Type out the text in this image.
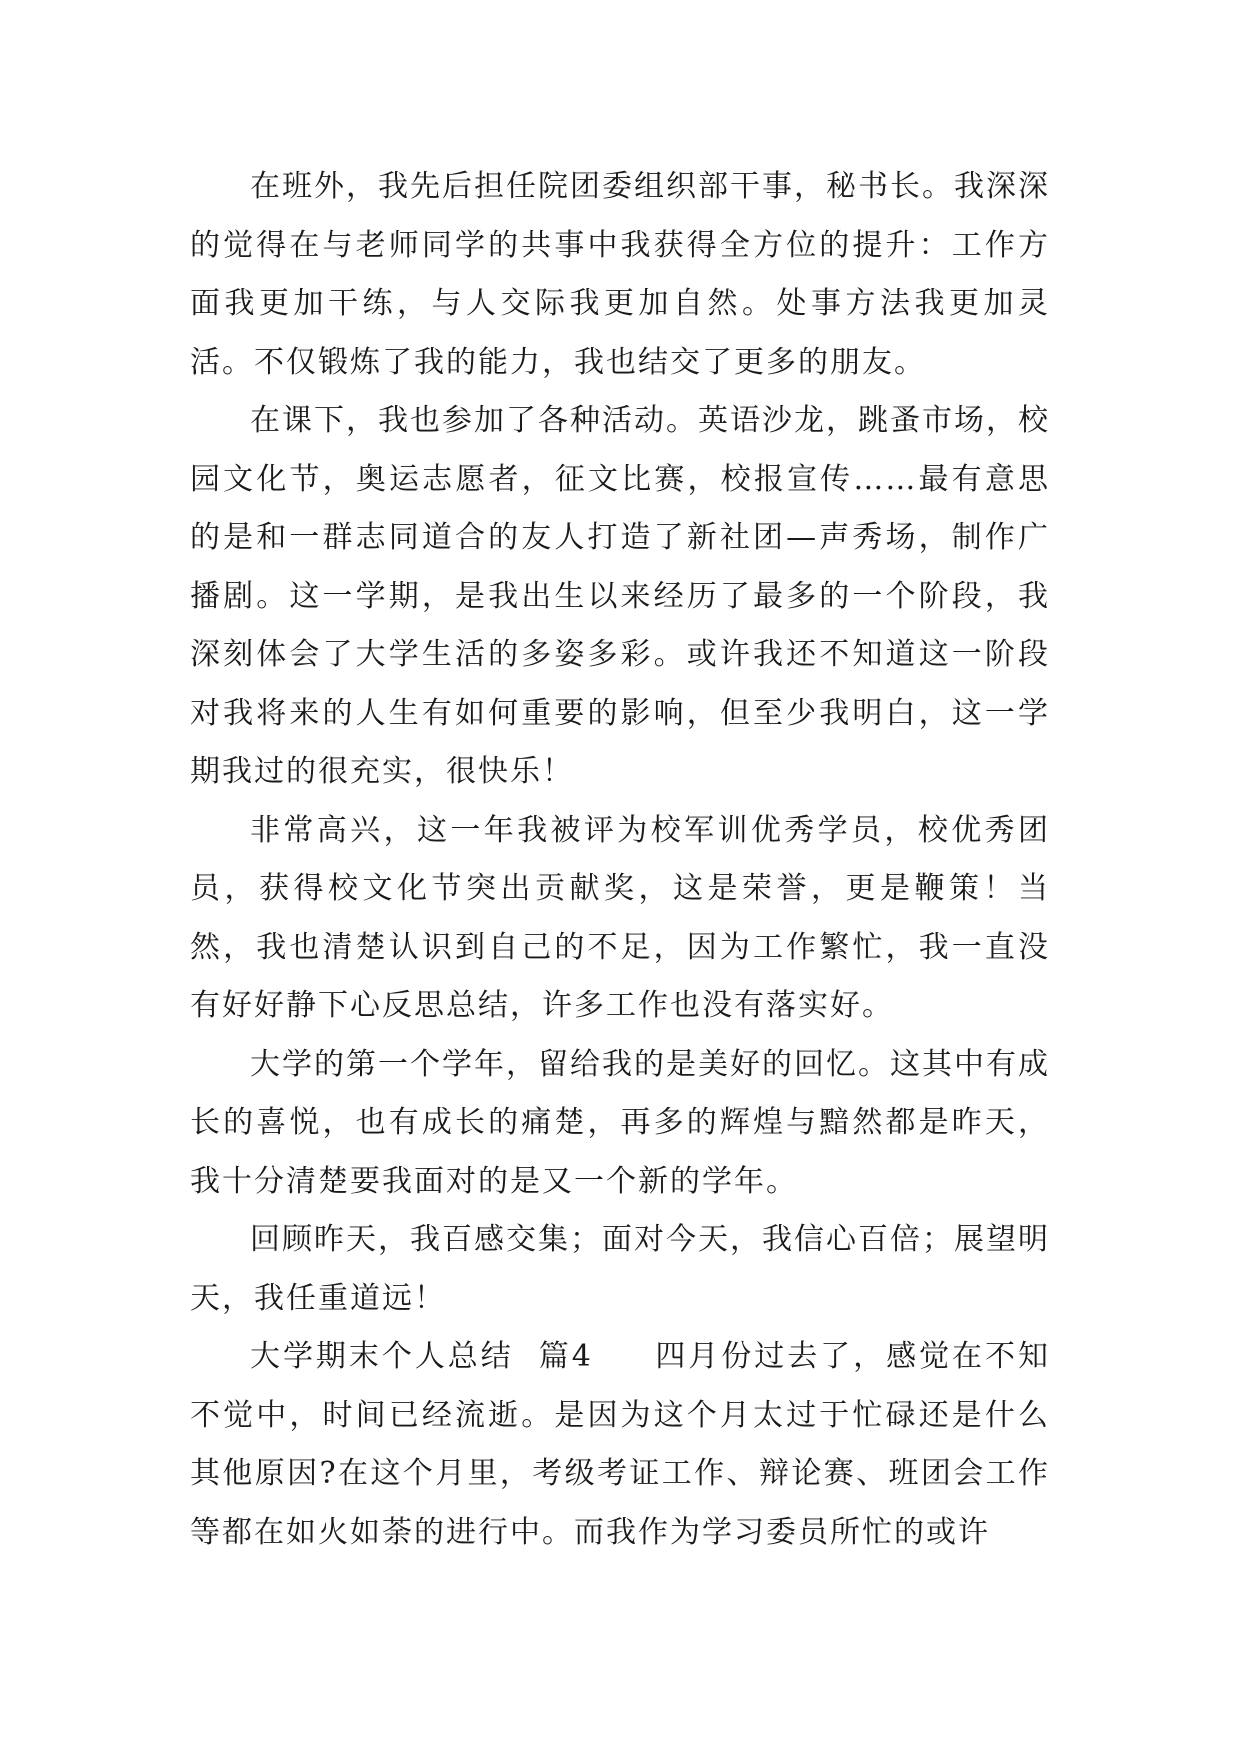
在班外，我先后担任院团委组织部干事，秘书长。我深深的觉得在与老师同学的共事中我获得全方位的提升：工作方面我更加干练，与人交际我更加自然。处事方法我更加灵活。不仅锻炼了我的能力，我也结交了更多的朋友。

在课下，我也参加了各种活动。英语沙龙，跳蚤市场，校园文化节，奥运志愿者，征文比赛，校报宣传……最有意思的是和一群志同道合的友人打造了新社团—声秀场，制作广播剧。这一学期，是我出生以来经历了最多的一个阶段，我深刻体会了大学生活的多姿多彩。或许我还不知道这一阶段对我将来的人生有如何重要的影响，但至少我明白，这一学期我过的很充实，很快乐！

非常高兴，这一年我被评为校军训优秀学员，校优秀团员，获得校文化节突出贡献奖，这是荣誉，更是鞭策！当然，我也清楚认识到自己的不足，因为工作繁忙，我一直没有好好静下心反思总结，许多工作也没有落实好。

大学的第一个学年，留给我的是美好的回忆。这其中有成长的喜悦，也有成长的痛楚，再多的辉煌与黯然都是昨天，我十分清楚要我面对的是又一个新的学年。

回顾昨天，我百感交集；面对今天，我信心百倍；展望明天，我任重道远！

大学期末个人总结  篇4     四月份过去了，感觉在不知不觉中，时间已经流逝。是因为这个月太过于忙碌还是什么其他原因?在这个月里，考级考证工作、辩论赛、班团会工作等都在如火如荼的进行中。而我作为学习委员所忙的或许
